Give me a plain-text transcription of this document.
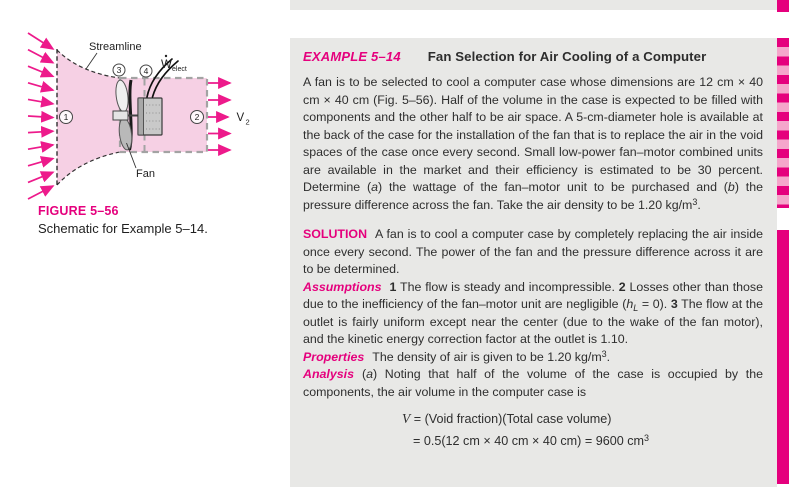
1	2
3	4
Streamline
Fan
W elect
V 2
FIGURE 5–56
Schematic for Example 5–14.
EXAMPLE 5–14 Fan Selection for Air Cooling of a Computer

A fan is to be selected to cool a computer case whose dimensions are 12 cm × 40 cm × 40 cm (Fig. 5–56). Half of the volume in the case is expected to be filled with components and the other half to be air space. A 5-cm-diameter hole is available at the back of the case for the installation of the fan that is to replace the air in the void spaces of the case once every second. Small low-power fan–motor combined units are available in the market and their efficiency is estimated to be 30 percent. Determine (a) the wattage of the fan–motor unit to be purchased and (b) the pressure difference across the fan. Take the air density to be 1.20 $kg/m^3$.

SOLUTION A fan is to cool a computer case by completely replacing the air inside once every second. The power of the fan and the pressure difference across it are to be determined.

Assumptions 1 The flow is steady and incompressible. 2 Losses other than those due to the inefficiency of the fan–motor unit are negligible $(h_L = 0)$. 3 The flow at the outlet is fairly uniform except near the center (due to the wake of the fan motor), and the kinetic energy correction factor at the outlet is 1.10.

Properties The density of air is given to be 1.20 $kg/m^3$.

Analysis (a) Noting that half of the volume of the case is occupied by the components, the air volume in the computer case is

V = (Void fraction)(Total case volume)
= 0.5(12 cm × 40 cm × 40 cm) = 9600 $cm^3$
